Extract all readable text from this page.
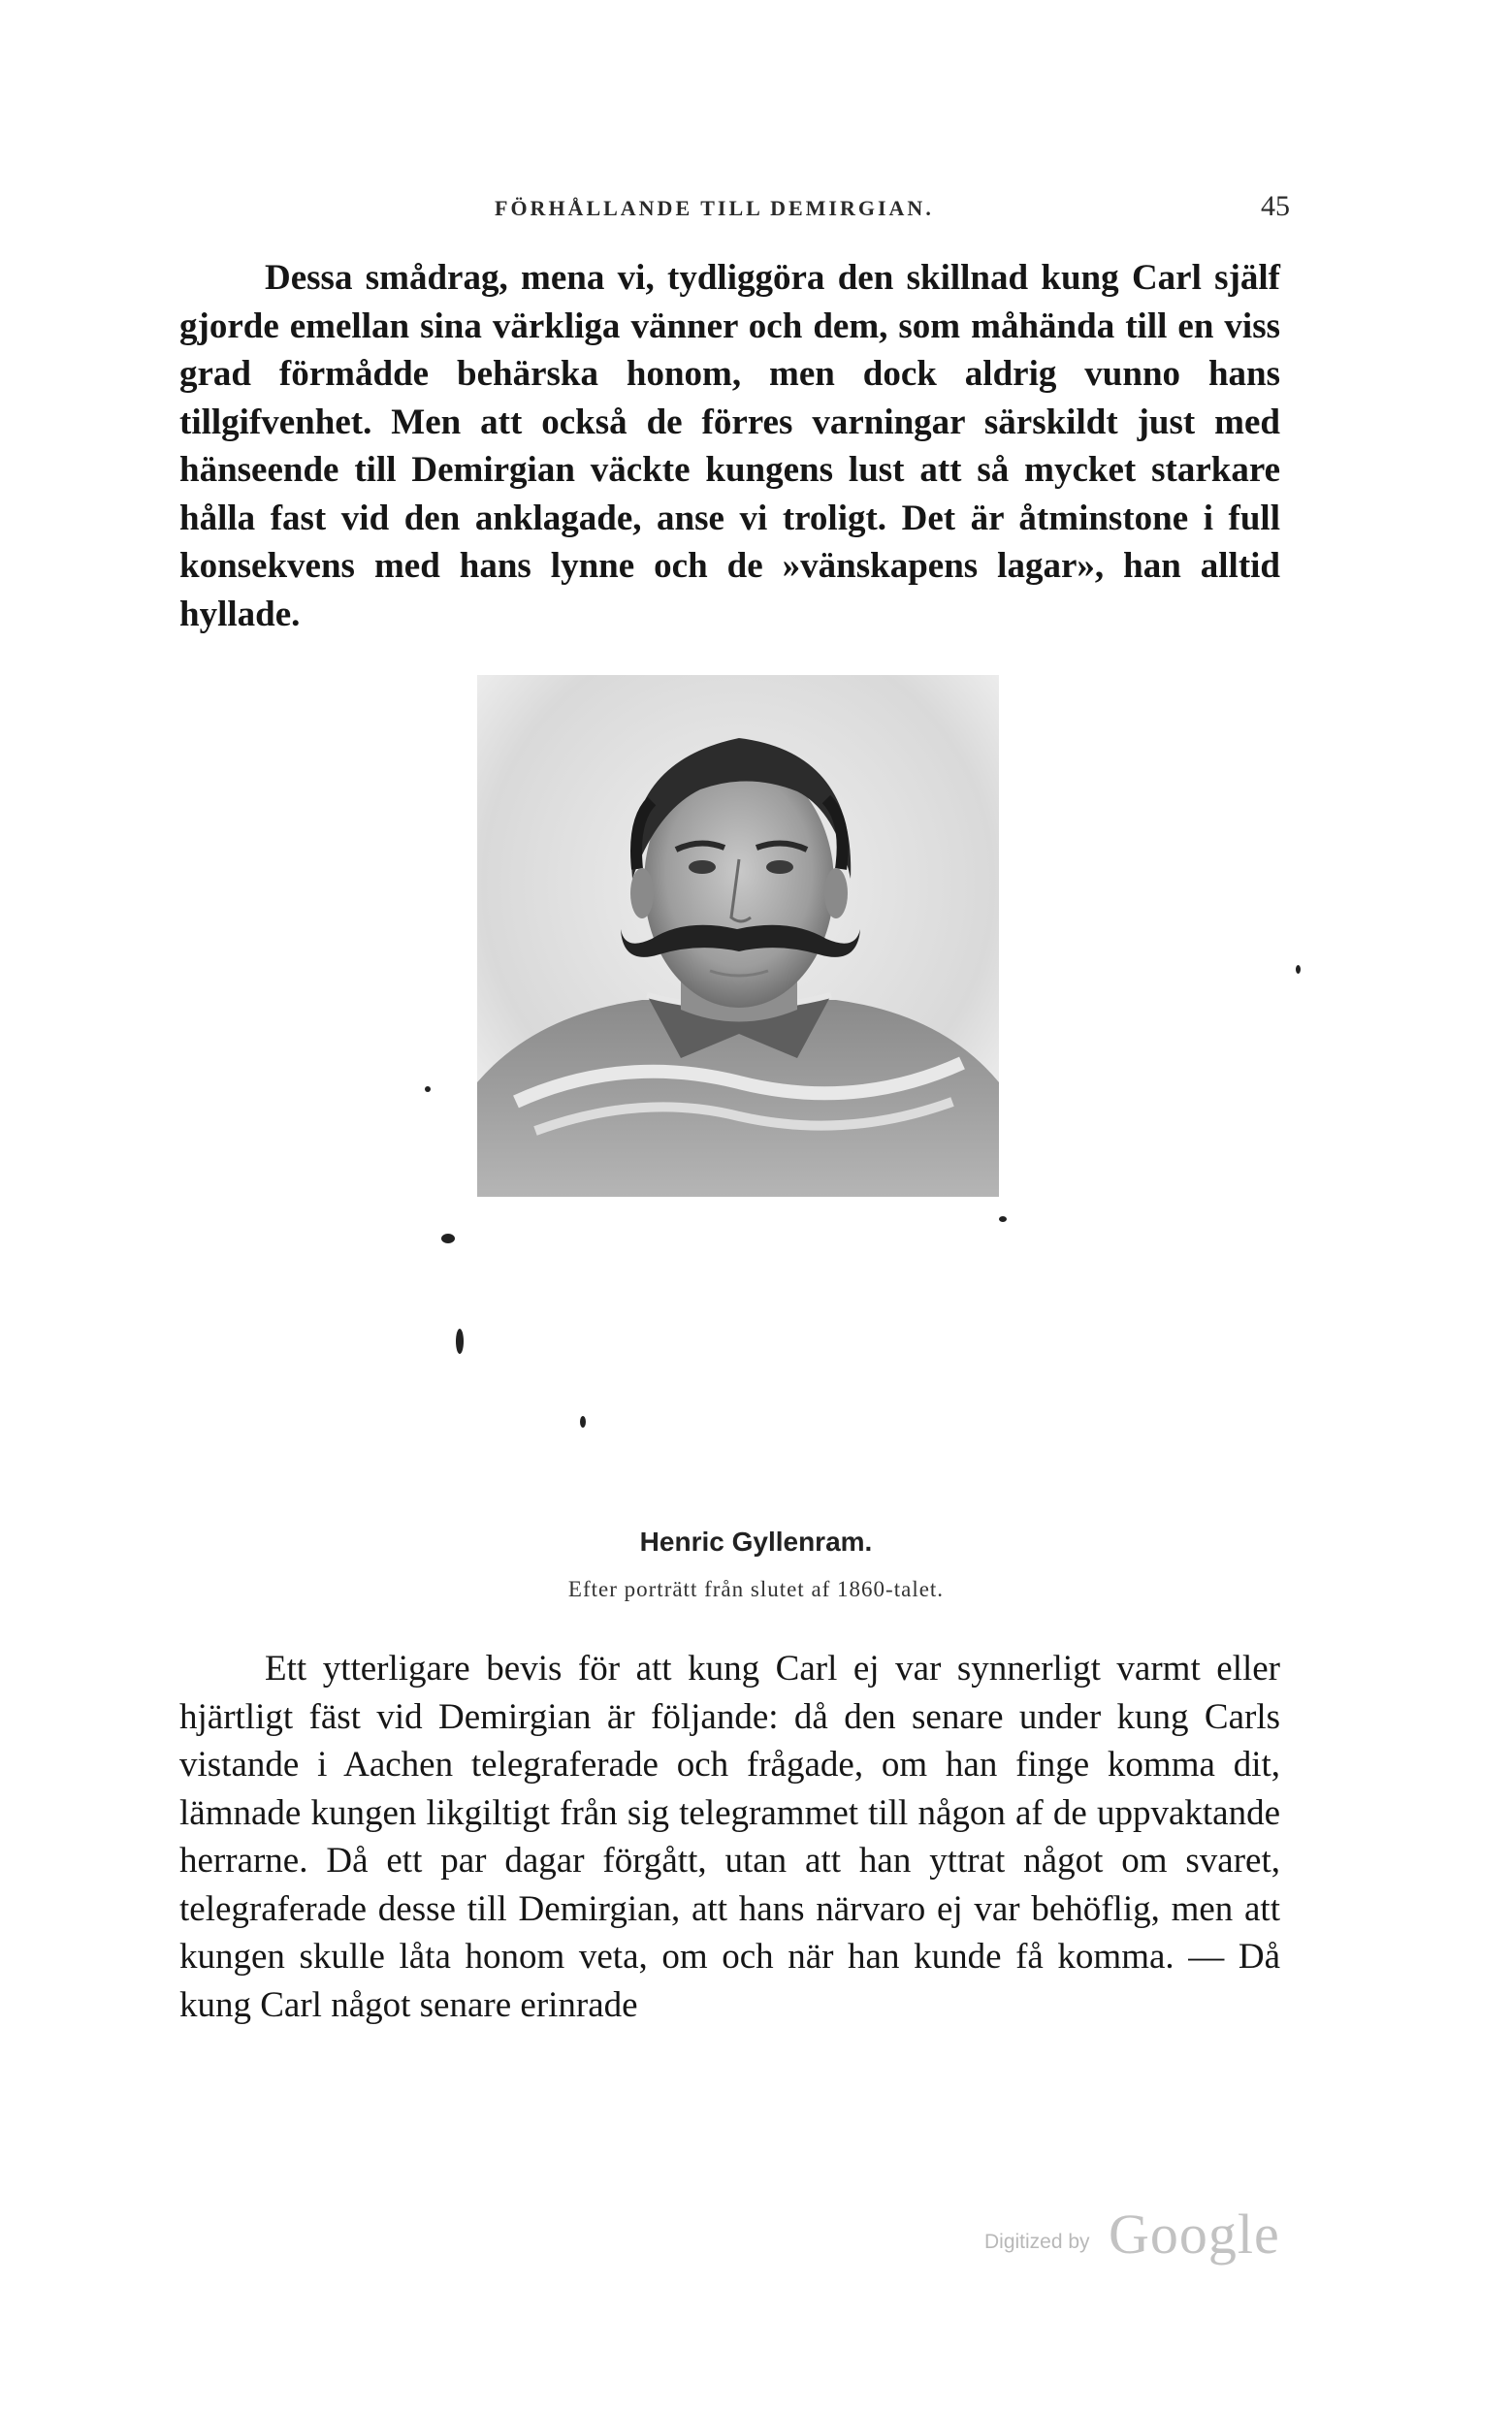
FÖRHÅLLANDE TILL DEMIRGIAN.	45

Dessa smådrag, mena vi, tydliggöra den skillnad kung Carl själf gjorde emellan sina värkliga vänner och dem, som måhända till en viss grad förmådde behärska honom, men dock aldrig vunno hans tillgifvenhet. Men att också de förres varningar särskildt just med hänseende till Demirgian väckte kungens lust att så mycket starkare hålla fast vid den anklagade, anse vi troligt. Det är åtminstone i full konsekvens med hans lynne och de »vänskapens lagar», han alltid hyllade.

Henric Gyllenram.
Efter porträtt från slutet af 1860-talet.

Ett ytterligare bevis för att kung Carl ej var synnerligt varmt eller hjärtligt fäst vid Demirgian är följande: då den senare under kung Carls vistande i Aachen telegraferade och frågade, om han finge komma dit, lämnade kungen likgiltigt från sig telegrammet till någon af de uppvaktande herrarne. Då ett par dagar förgått, utan att han yttrat något om svaret, telegraferade desse till Demirgian, att hans närvaro ej var behöflig, men att kungen skulle låta honom veta, om och när han kunde få komma. — Då kung Carl något senare erinrade

Digitized by Google
